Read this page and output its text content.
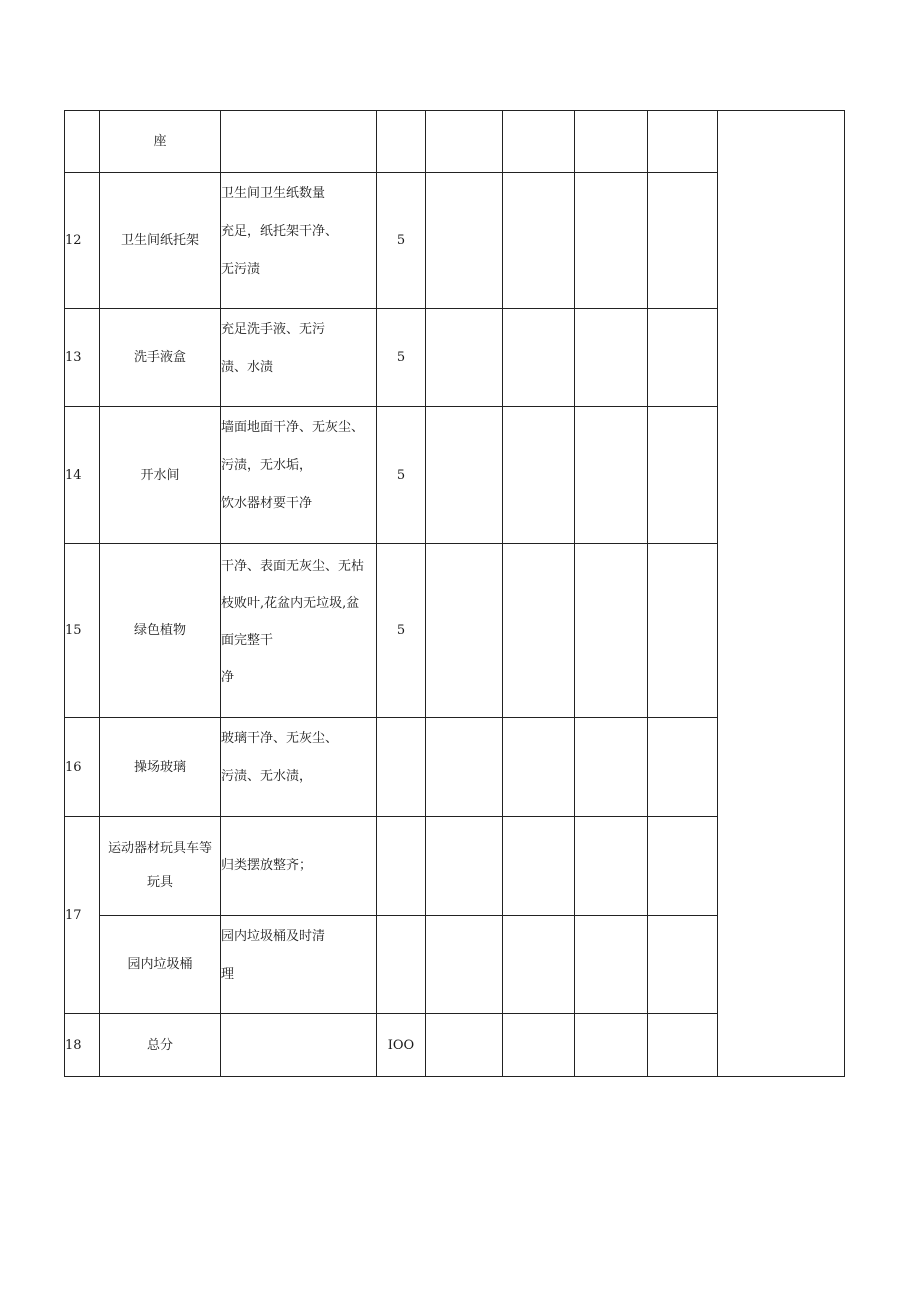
	座							
12	卫生间纸托架	卫生间卫生纸数量
充足，纸托架干净、
无污渍	5					
13	洗手液盒	充足洗手液、无污
渍、水渍	5					
14	开水间	墙面地面干净、无灰尘、
污渍，无水垢，
饮水器材要干净	5					
15	绿色植物	干净、表面无灰尘、无枯
枝败叶,花盆内无垃圾,盆
面完整干
净	5					
16	操场玻璃	玻璃干净、无灰尘、
污渍、无水渍，						

17	运动器材玩具车等
玩具	归类摆放整齐；						

	园内垃圾桶	园内垃圾桶及时清
理						

18	总分		IOO					
